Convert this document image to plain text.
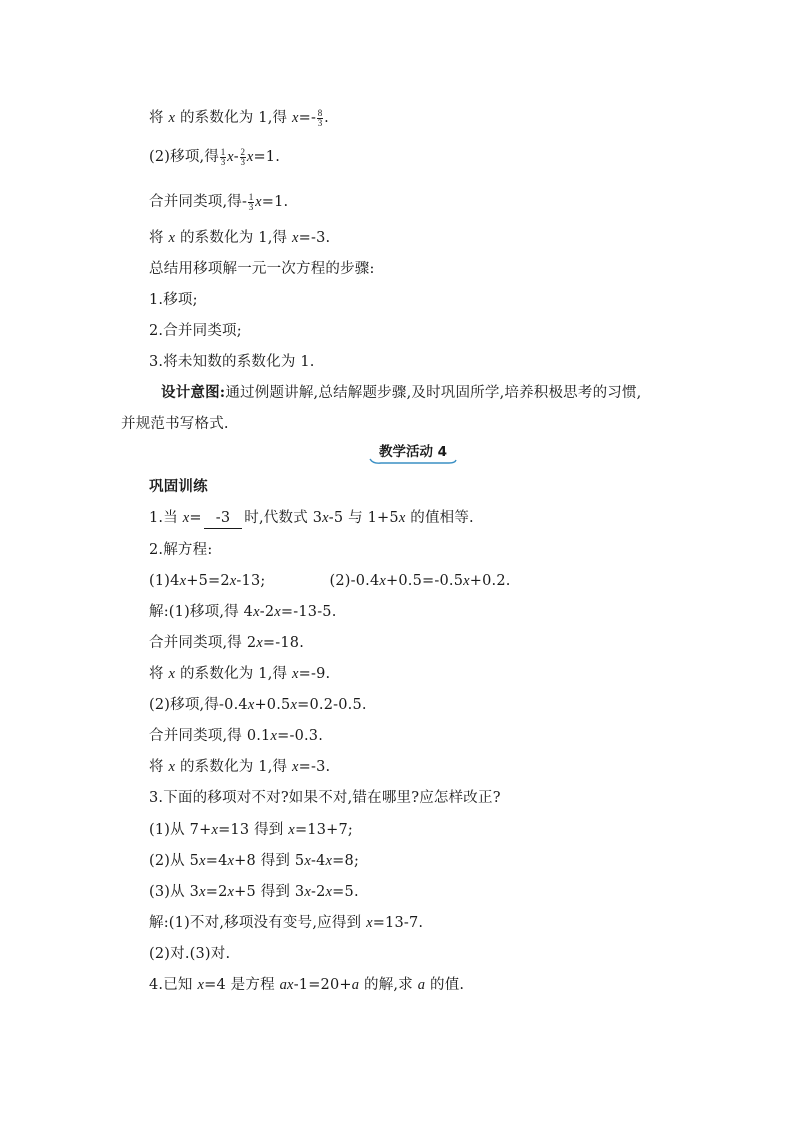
将 x 的系数化为 1,得 $x=- \frac{8}{3}$ .
(2)移项,得 $\frac{1}{3} x- \frac{2}{3} x=1$.
合并同类项,得- $\frac{1}{3} x=1$.
将 x 的系数化为 1,得 x=-3.
总结用移项解一元一次方程的步骤:
1.移项;
2.合并同类项;
3.将未知数的系数化为 1.
设计意图:通过例题讲解,总结解题步骤,及时巩固所学,培养积极思考的习惯,
并规范书写格式.
教学活动 4
巩固训练
1.当 x= -3 时,代数式 3x-5 与 1+5x 的值相等.
2.解方程:
(1)4x+5=2x-13;	(2)-0.4x+0.5=-0.5x+0.2.
解:(1)移项,得 4x-2x=-13-5.
合并同类项,得 2x=-18.
将 x 的系数化为 1,得 x=-9.
(2)移项,得-0.4x+0.5x=0.2-0.5.
合并同类项,得 0.1x=-0.3.
将 x 的系数化为 1,得 x=-3.
3.下面的移项对不对?如果不对,错在哪里?应怎样改正?
(1)从 7+x=13 得到 x=13+7;
(2)从 5x=4x+8 得到 5x-4x=8;
(3)从 3x=2x+5 得到 3x-2x=5.
解:(1)不对,移项没有变号,应得到 x=13-7.
(2)对.(3)对.
4.已知 x=4 是方程 ax-1=20+a 的解,求 a 的值.
